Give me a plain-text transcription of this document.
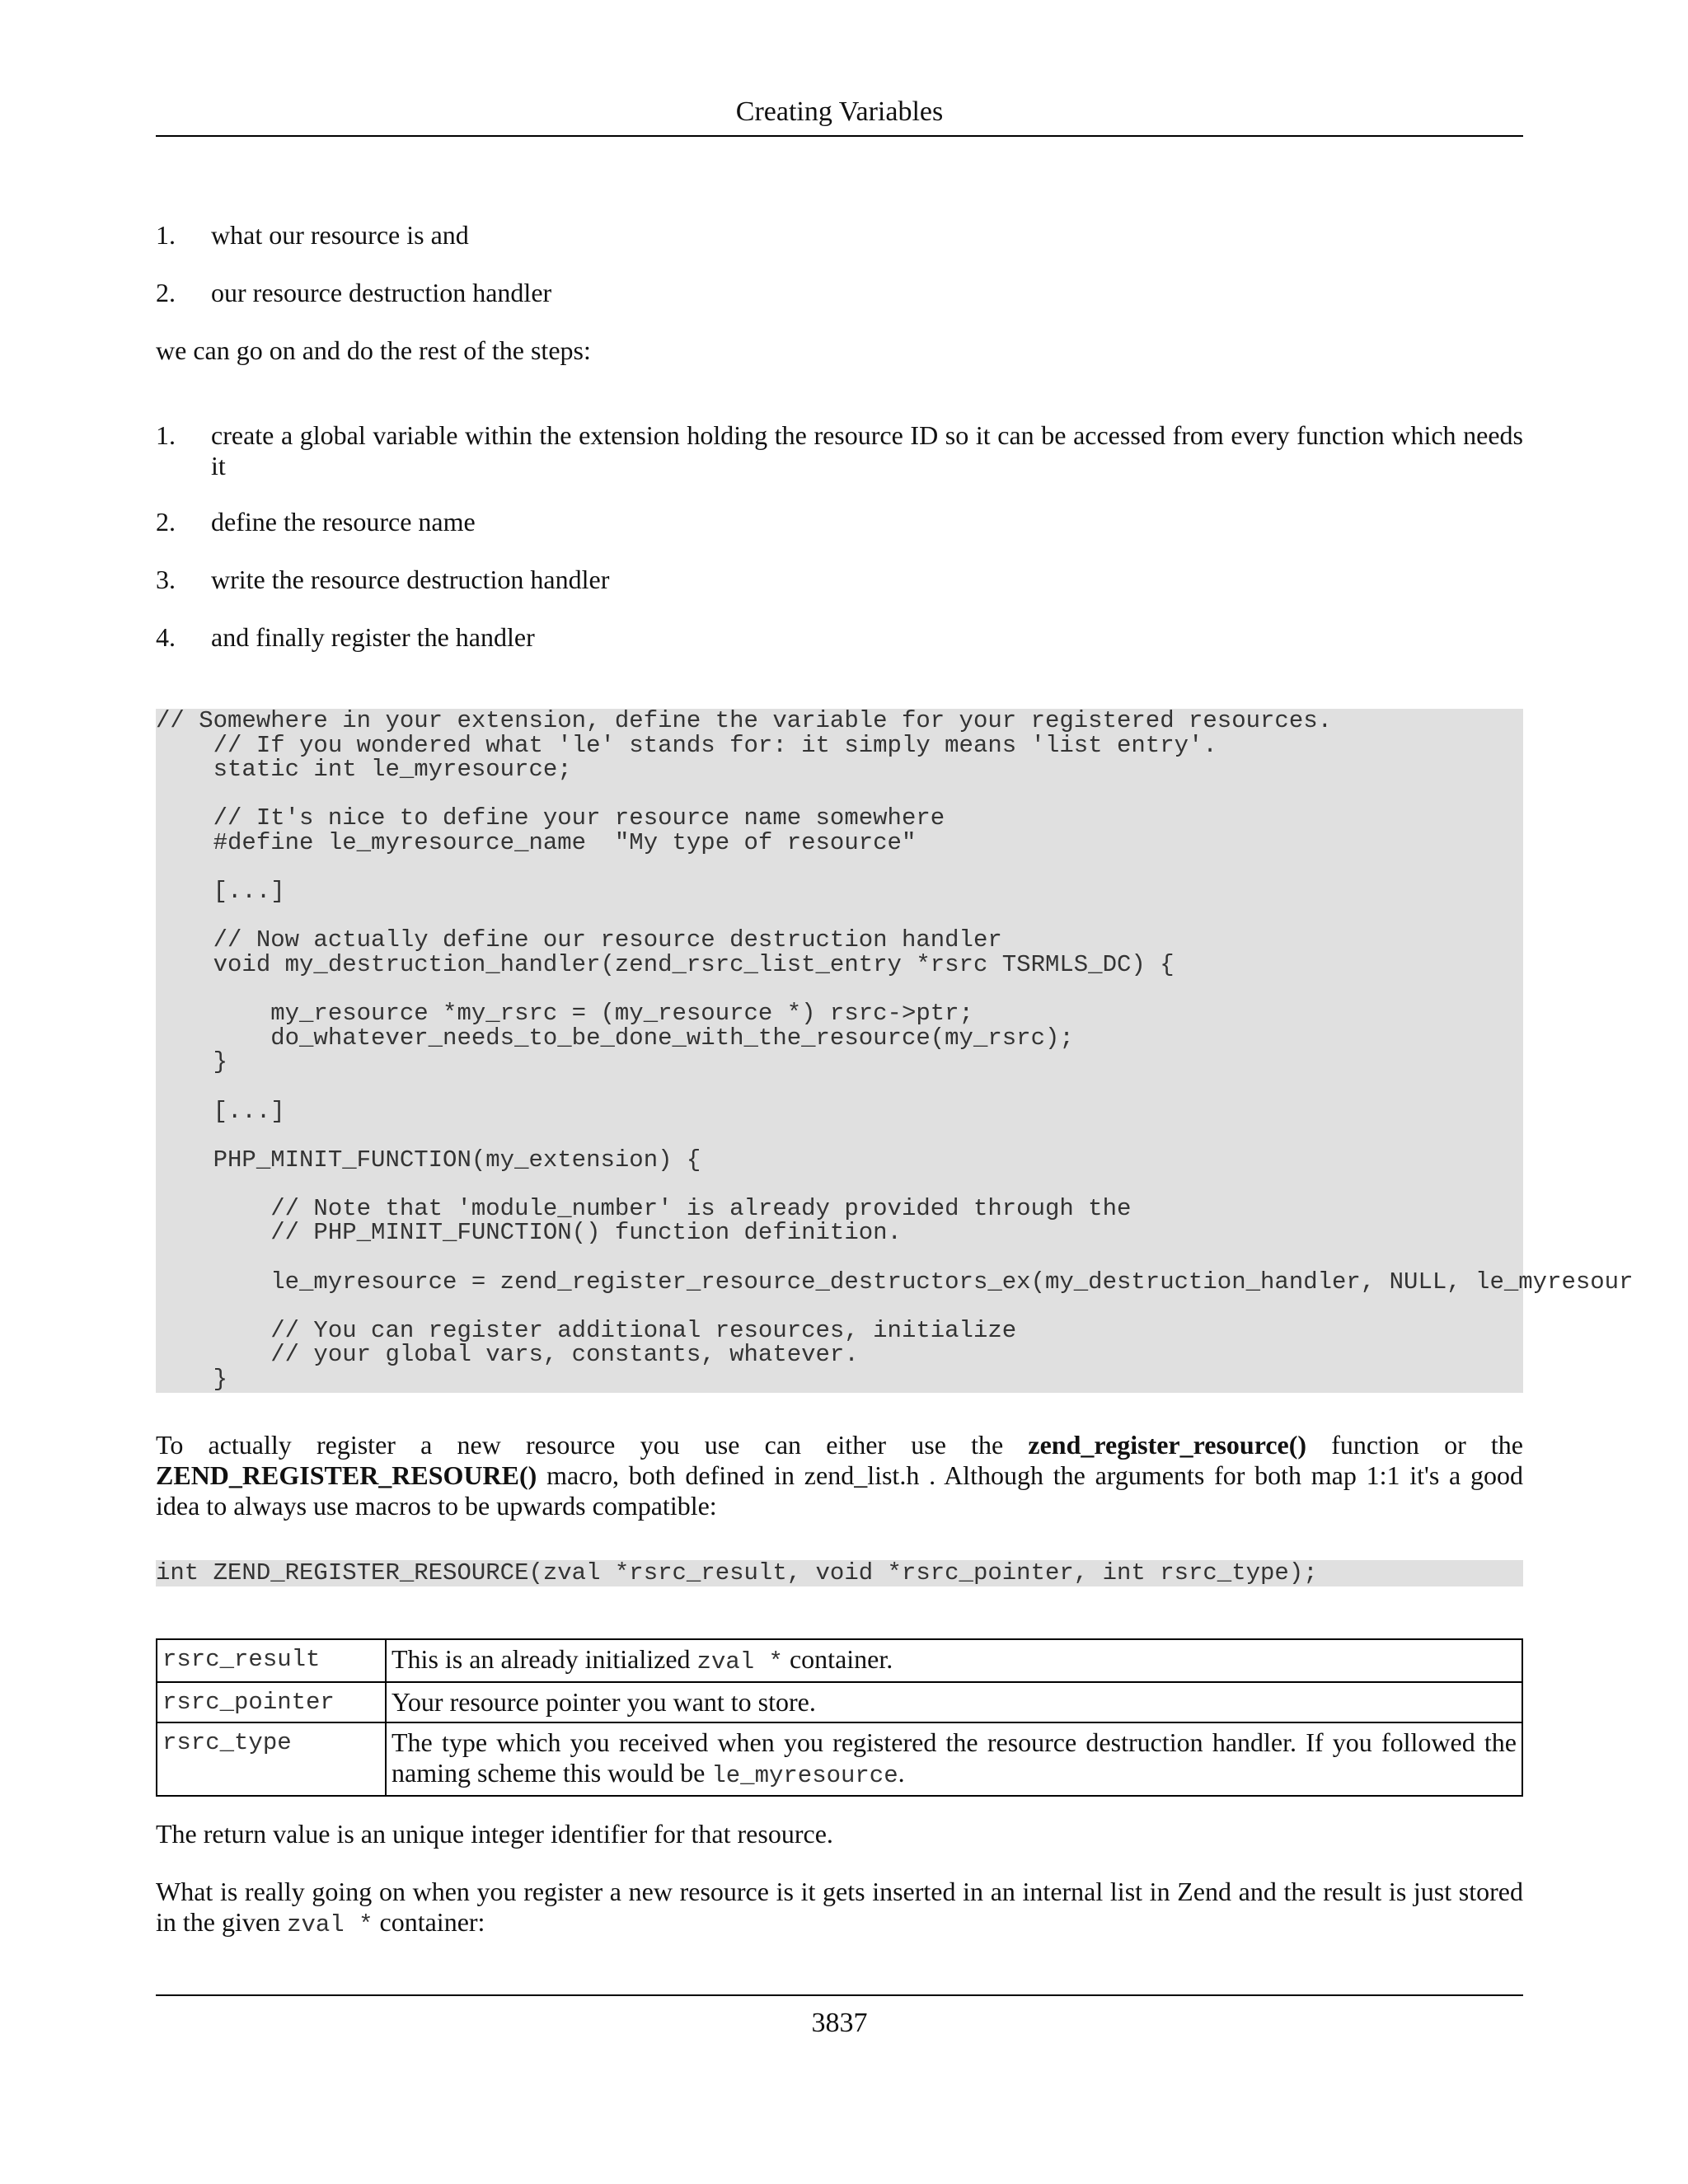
Creating Variables
1. what our resource is and
2. our resource destruction handler

we can go on and do the rest of the steps:

1. create a global variable within the extension holding the resource ID so it can be accessed from every function which needs it
2. define the resource name
3. write the resource destruction handler
4. and finally register the handler
// Somewhere in your extension, define the variable for your registered resources.
// If you wondered what 'le' stands for: it simply means 'list entry'.
static int le_myresource;

// It's nice to define your resource name somewhere
#define le_myresource_name  "My type of resource"

[...]

// Now actually define our resource destruction handler
void my_destruction_handler(zend_rsrc_list_entry *rsrc TSRMLS_DC) {

my_resource *my_rsrc = (my_resource *) rsrc->ptr;
do_whatever_needs_to_be_done_with_the_resource(my_rsrc);
}

[...]

PHP_MINIT_FUNCTION(my_extension) {

// Note that 'module_number' is already provided through the
// PHP_MINIT_FUNCTION() function definition.

le_myresource = zend_register_resource_destructors_ex(my_destruction_handler, NULL, le_myresour

// You can register additional resources, initialize
// your global vars, constants, whatever.
}

To actually register a new resource you use can either use the zend_register_resource() function or the ZEND_REGISTER_RESOURE() macro, both defined in zend_list.h . Although the arguments for both map 1:1 it's a good idea to always use macros to be upwards compatible:

int ZEND_REGISTER_RESOURCE(zval *rsrc_result, void *rsrc_pointer, int rsrc_type);
rsrc_result	This is an already initialized zval * container.
rsrc_pointer	Your resource pointer you want to store.
rsrc_type	The type which you received when you registered the resource destruction handler. If you followed the naming scheme this would be le_myresource.

The return value is an unique integer identifier for that resource.

What is really going on when you register a new resource is it gets inserted in an internal list in Zend and the result is just stored in the given zval * container:

3837
